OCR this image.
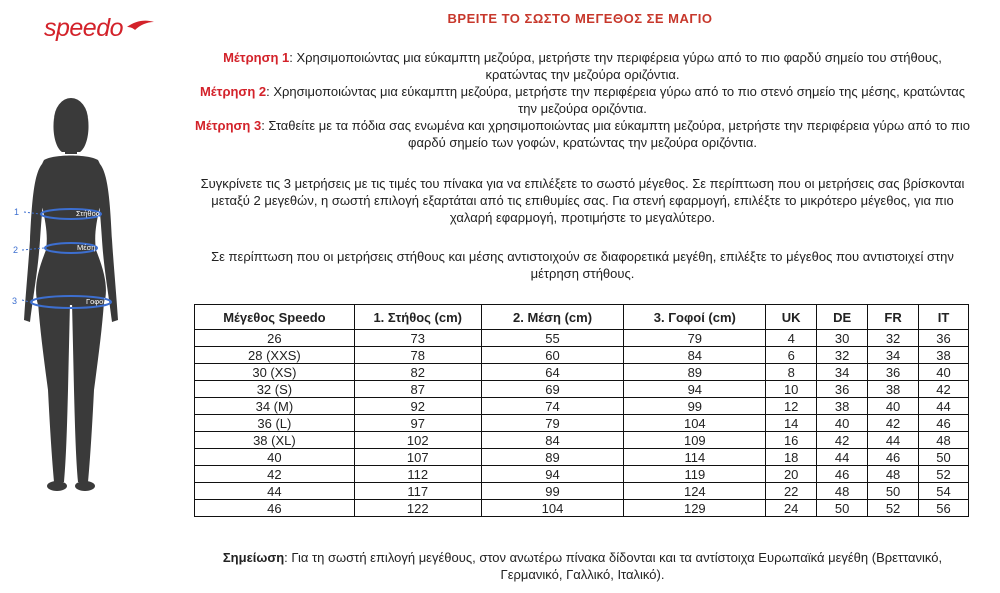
speedo
1	Στήθος
2	Μέση
3	Γοφοί
ΒΡΕΙΤΕ ΤΟ ΣΩΣΤΟ ΜΕΓΕΘΟΣ ΣΕ ΜΑΓΙΟ
Μέτρηση 1: Χρησιμοποιώντας μια εύκαμπτη μεζούρα, μετρήστε την περιφέρεια γύρω από το πιο φαρδύ σημείο του στήθους, κρατώντας την μεζούρα οριζόντια.
Μέτρηση 2: Χρησιμοποιώντας μια εύκαμπτη μεζούρα, μετρήστε την περιφέρεια γύρω από το πιο στενό σημείο της μέσης, κρατώντας την μεζούρα οριζόντια.
Μέτρηση 3: Σταθείτε με τα πόδια σας ενωμένα και χρησιμοποιώντας μια εύκαμπτη μεζούρα, μετρήστε την περιφέρεια γύρω από το πιο φαρδύ σημείο των γοφών, κρατώντας την μεζούρα οριζόντια.
Συγκρίνετε τις 3 μετρήσεις με τις τιμές του πίνακα για να επιλέξετε το σωστό μέγεθος. Σε περίπτωση που οι μετρήσεις σας βρίσκονται μεταξύ 2 μεγεθών, η σωστή επιλογή εξαρτάται από τις επιθυμίες σας. Για στενή εφαρμογή, επιλέξτε το μικρότερο μέγεθος, για πιο χαλαρή εφαρμογή, προτιμήστε το μεγαλύτερο.
Σε περίπτωση που οι μετρήσεις στήθους και μέσης αντιστοιχούν σε διαφορετικά μεγέθη, επιλέξτε το μέγεθος που αντιστοιχεί στην μέτρηση στήθους.
Μέγεθος Speedo	1. Στήθος (cm)	2. Μέση (cm)	3. Γοφοί (cm)	UK	DE	FR	IT
26	73	55	79	4	30	32	36
28 (XXS)	78	60	84	6	32	34	38
30 (XS)	82	64	89	8	34	36	40
32 (S)	87	69	94	10	36	38	42
34 (M)	92	74	99	12	38	40	44
36 (L)	97	79	104	14	40	42	46
38 (XL)	102	84	109	16	42	44	48
40	107	89	114	18	44	46	50
42	112	94	119	20	46	48	52
44	117	99	124	22	48	50	54
46	122	104	129	24	50	52	56
Σημείωση: Για τη σωστή επιλογή μεγέθους, στον ανωτέρω πίνακα δίδονται και τα αντίστοιχα Ευρωπαϊκά μεγέθη (Βρεττανικό, Γερμανικό, Γαλλικό, Ιταλικό).
